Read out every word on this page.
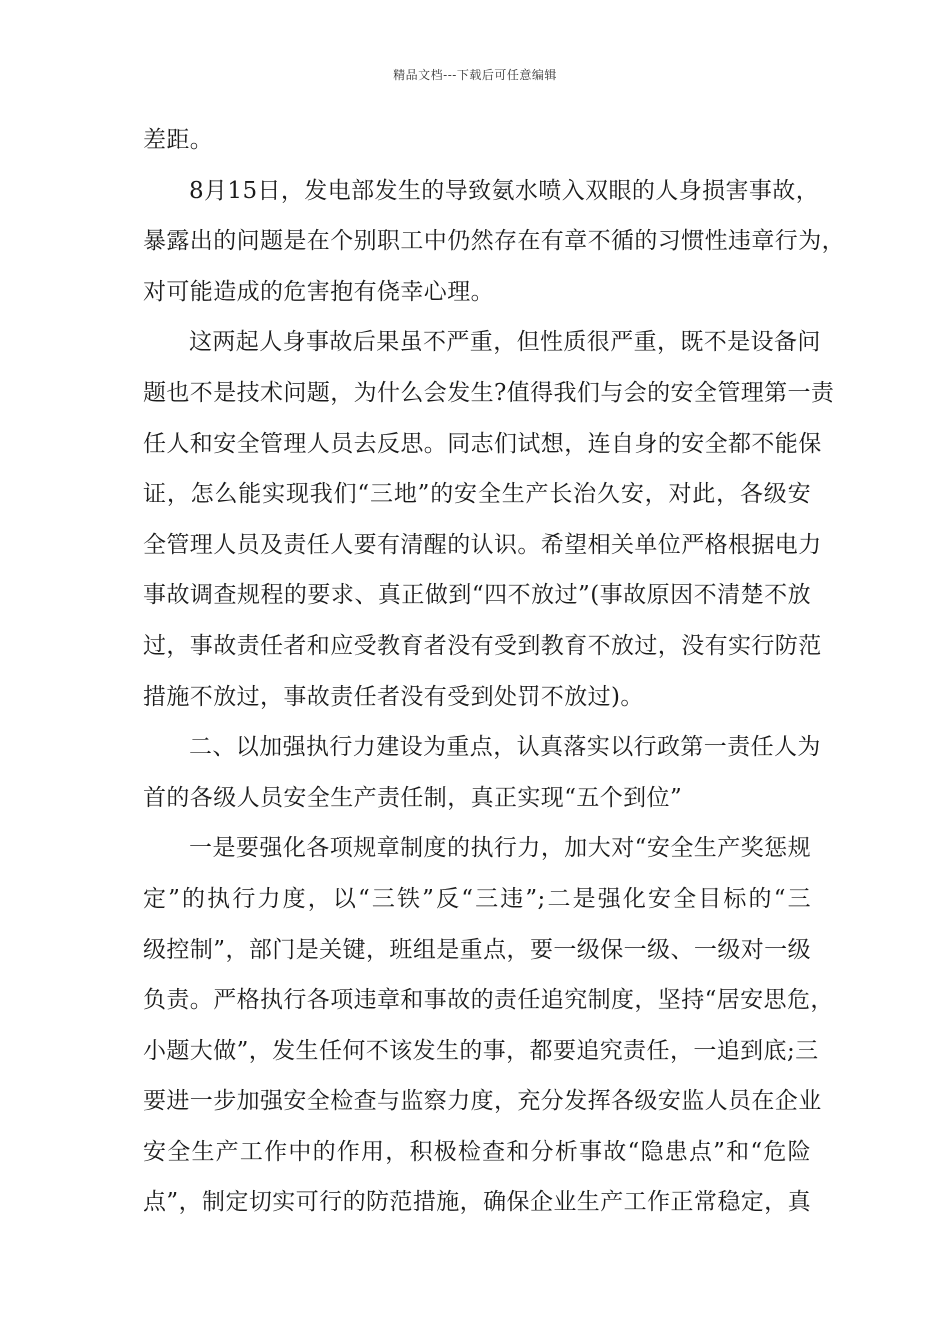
精品文档---下载后可任意编辑
差距。
8月15日，发电部发生的导致氨水喷入双眼的人身损害事故，
暴露出的问题是在个别职工中仍然存在有章不循的习惯性违章行为，
对可能造成的危害抱有侥幸心理。
这两起人身事故后果虽不严重，但性质很严重，既不是设备问
题也不是技术问题，为什么会发生?值得我们与会的安全管理第一责
任人和安全管理人员去反思。同志们试想，连自身的安全都不能保
证，怎么能实现我们“三地”的安全生产长治久安，对此，各级安
全管理人员及责任人要有清醒的认识。希望相关单位严格根据电力
事故调查规程的要求、真正做到“四不放过”(事故原因不清楚不放
过，事故责任者和应受教育者没有受到教育不放过，没有实行防范
措施不放过，事故责任者没有受到处罚不放过)。
二、以加强执行力建设为重点，认真落实以行政第一责任人为
首的各级人员安全生产责任制，真正实现“五个到位”
一是要强化各项规章制度的执行力，加大对“安全生产奖惩规
定”的执行力度，以“三铁”反“三违”;二是强化安全目标的“三
级控制”，部门是关键，班组是重点，要一级保一级、一级对一级
负责。严格执行各项违章和事故的责任追究制度，坚持“居安思危，
小题大做”，发生任何不该发生的事，都要追究责任，一追到底;三
要进一步加强安全检查与监察力度，充分发挥各级安监人员在企业
安全生产工作中的作用，积极检查和分析事故“隐患点”和“危险
点”，制定切实可行的防范措施，确保企业生产工作正常稳定，真
